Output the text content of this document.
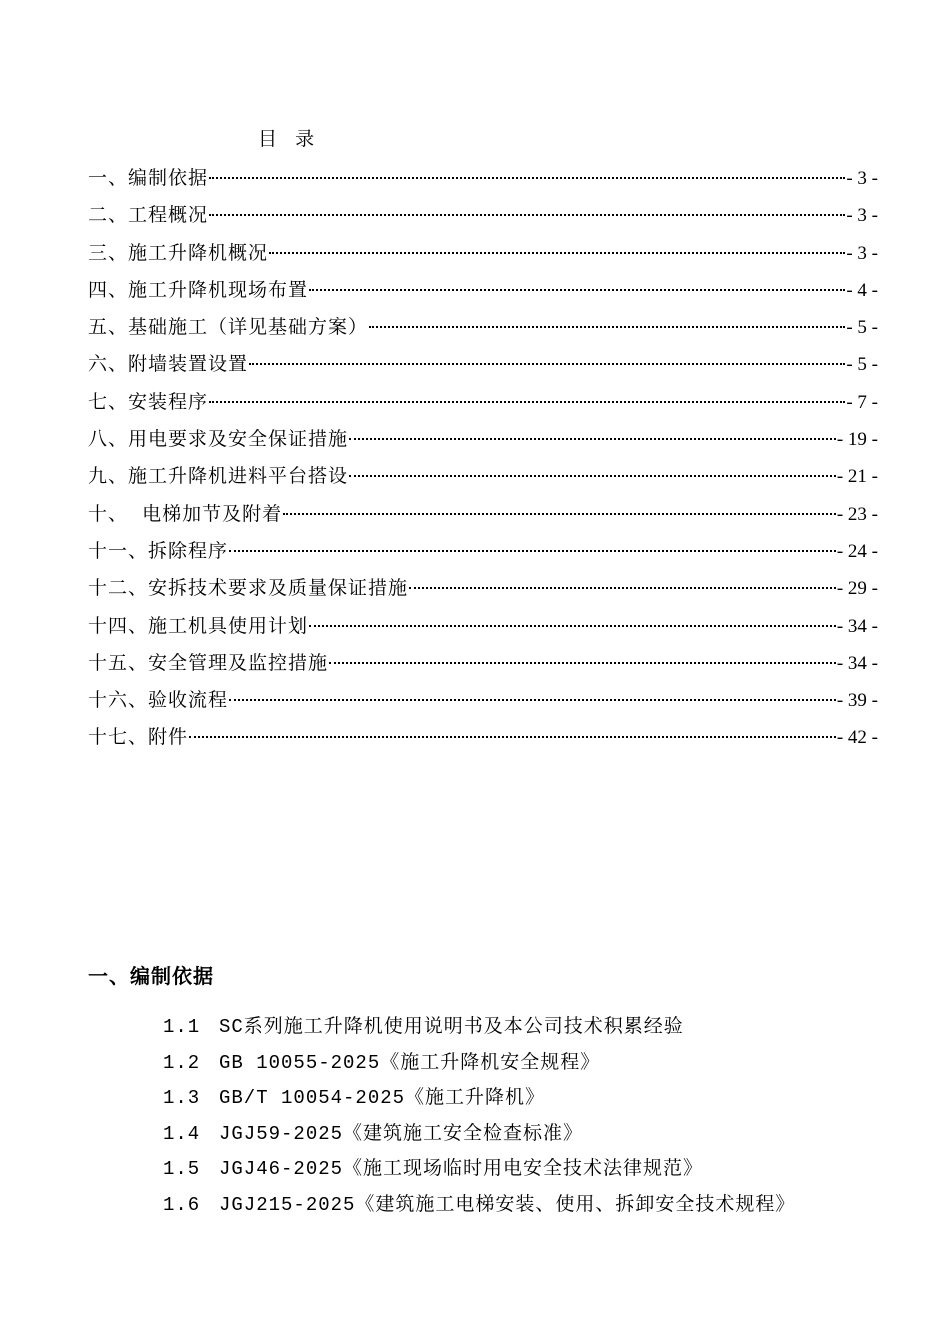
目  录
一、编制依据	- 3 -
二、工程概况	- 3 -
三、施工升降机概况	- 3 -
四、施工升降机现场布置	- 4 -
五、基础施工（详见基础方案）	- 5 -
六、附墙装置设置	- 5 -
七、安装程序	- 7 -
八、用电要求及安全保证措施	- 19 -
九、施工升降机进料平台搭设	- 21 -
十、  电梯加节及附着	- 23 -
十一、拆除程序	- 24 -
十二、安拆技术要求及质量保证措施	- 29 -
十四、施工机具使用计划	- 34 -
十五、安全管理及监控措施	- 34 -
十六、验收流程	- 39 -
十七、附件	- 42 -
一、编制依据
1.1 SC系列施工升降机使用说明书及本公司技术积累经验
1.2 GB 10055-2025《施工升降机安全规程》
1.3 GB/T 10054-2025《施工升降机》
1.4 JGJ59-2025《建筑施工安全检查标准》
1.5 JGJ46-2025《施工现场临时用电安全技术法律规范》
1.6 JGJ215-2025《建筑施工电梯安装、使用、拆卸安全技术规程》
